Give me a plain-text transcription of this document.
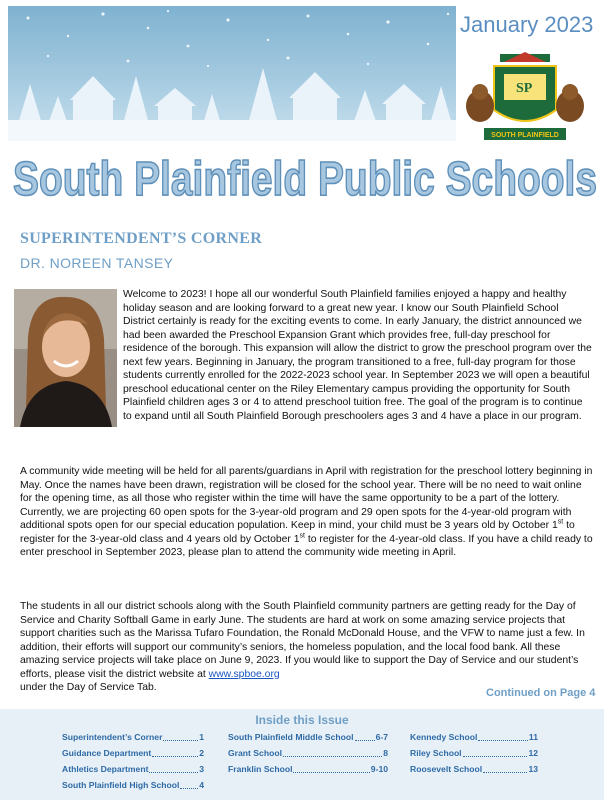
January 2023
SP
SOUTH PLAINFIELD
South Plainfield Public Schools
SUPERINTENDENT’S CORNER
DR. NOREEN TANSEY

Welcome to 2023! I hope all our wonderful South Plainfield families enjoyed a happy and healthy holiday season and are looking forward to a great new year. I know our South Plainfield School District certainly is ready for the exciting events to come. In early January, the district announced we had been awarded the Preschool Expansion Grant which provides free, full-day preschool for residence of the borough. This expansion will allow the district to grow the preschool program over the next few years. Beginning in January, the program transitioned to a free, full-day program for those students currently enrolled for the 2022-2023 school year. In September 2023 we will open a beautiful preschool educational center on the Riley Elementary campus providing the opportunity for South Plainfield children ages 3 or 4 to attend preschool tuition free. The goal of the program is to continue to expand until all South Plainfield Borough preschoolers ages 3 and 4 have a place in our program.

A community wide meeting will be held for all parents/guardians in April with registration for the preschool lottery beginning in May. Once the names have been drawn, registration will be closed for the school year. There will be no need to wait online for the opening time, as all those who register within the time will have the same opportunity to be a part of the lottery. Currently, we are projecting 60 open spots for the 3-year-old program and 29 open spots for the 4-year-old program with additional spots open for our special education population. Keep in mind, your child must be 3 years old by October 1st to register for the 3-year-old class and 4 years old by October 1st to register for the 4-year-old class. If you have a child ready to enter preschool in September 2023, please plan to attend the community wide meeting in April.

The students in all our district schools along with the South Plainfield community partners are getting ready for the Day of Service and Charity Softball Game in early June. The students are hard at work on some amazing service projects that support charities such as the Marissa Tufaro Foundation, the Ronald McDonald House, and the VFW to name just a few. In addition, their efforts will support our community’s seniors, the homeless population, and the local food bank. All these amazing service projects will take place on June 9, 2023. If you would like to support the Day of Service and our student’s efforts, please visit the district website at www.spboe.org
under the Day of Service Tab.	Continued on Page 4
Inside this Issue
Superintendent’s Corner	1
Guidance Department	2
Athletics Department	3
South Plainfield High School 4
South Plainfield Middle School	6-7
Grant School	8
Franklin School	9-10
Kennedy School	11
Riley School	12
Roosevelt School	13
